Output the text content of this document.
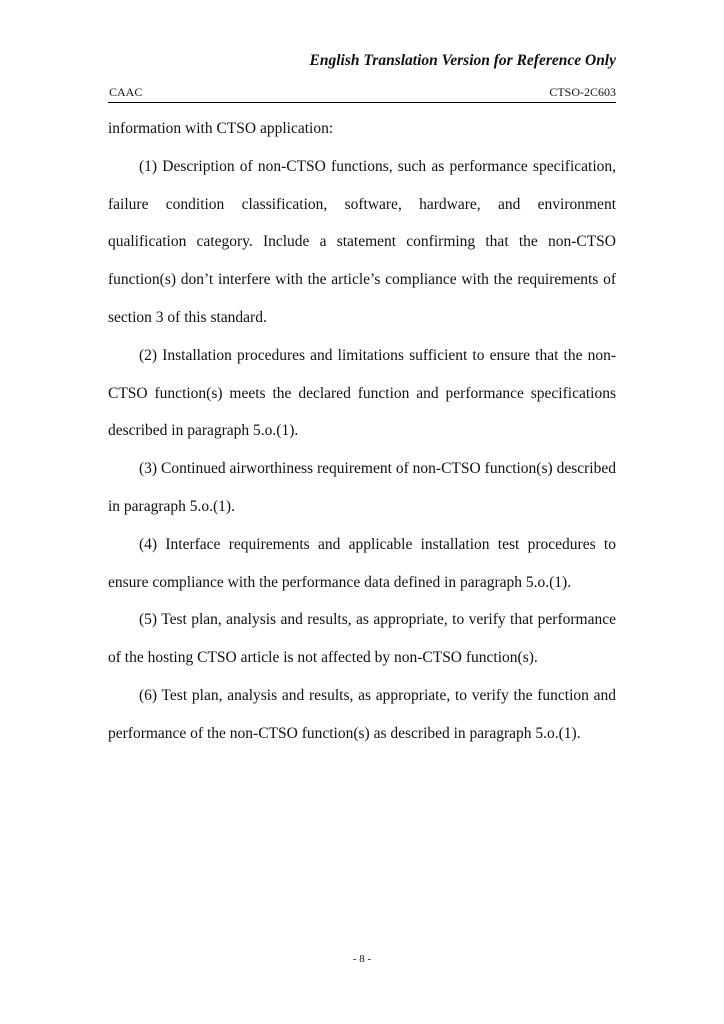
English Translation Version for Reference Only
CAAC	CTSO-2C603

information with CTSO application:

(1) Description of non-CTSO functions, such as performance specification, failure condition classification, software, hardware, and environment qualification category. Include a statement confirming that the non-CTSO function(s) don’t interfere with the article’s compliance with the requirements of section 3 of this standard.

(2) Installation procedures and limitations sufficient to ensure that the non-CTSO function(s) meets the declared function and performance specifications described in paragraph 5.o.(1).

(3) Continued airworthiness requirement of non-CTSO function(s) described in paragraph 5.o.(1).

(4) Interface requirements and applicable installation test procedures to ensure compliance with the performance data defined in paragraph 5.o.(1).

(5) Test plan, analysis and results, as appropriate, to verify that performance of the hosting CTSO article is not affected by non-CTSO function(s).

(6) Test plan, analysis and results, as appropriate, to verify the function and performance of the non-CTSO function(s) as described in paragraph 5.o.(1).

- 8 -
